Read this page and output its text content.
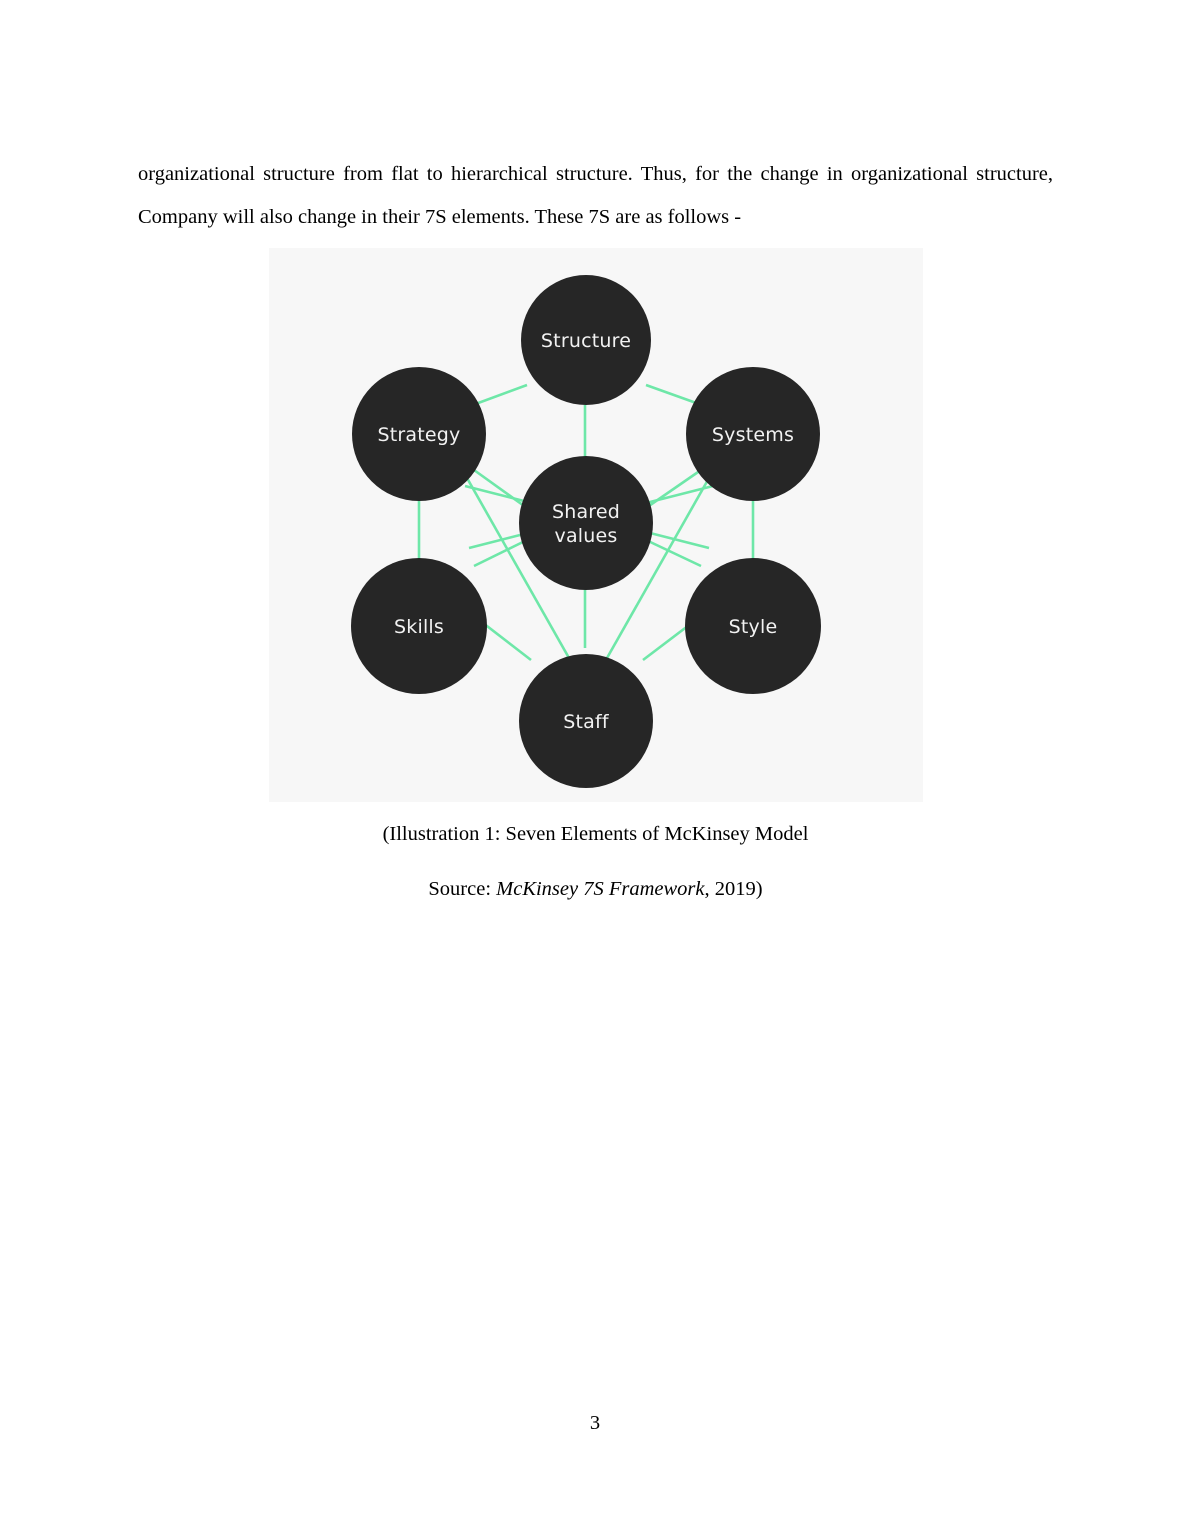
organizational structure from flat to hierarchical structure. Thus, for the change in organizational structure, Company will also change in their 7S elements. These 7S are as follows -

Structure
Strategy	Systems
Shared
values
Skills	Style
Staff
(Illustration 1: Seven Elements of McKinsey Model
Source: McKinsey 7S Framework, 2019)
3
